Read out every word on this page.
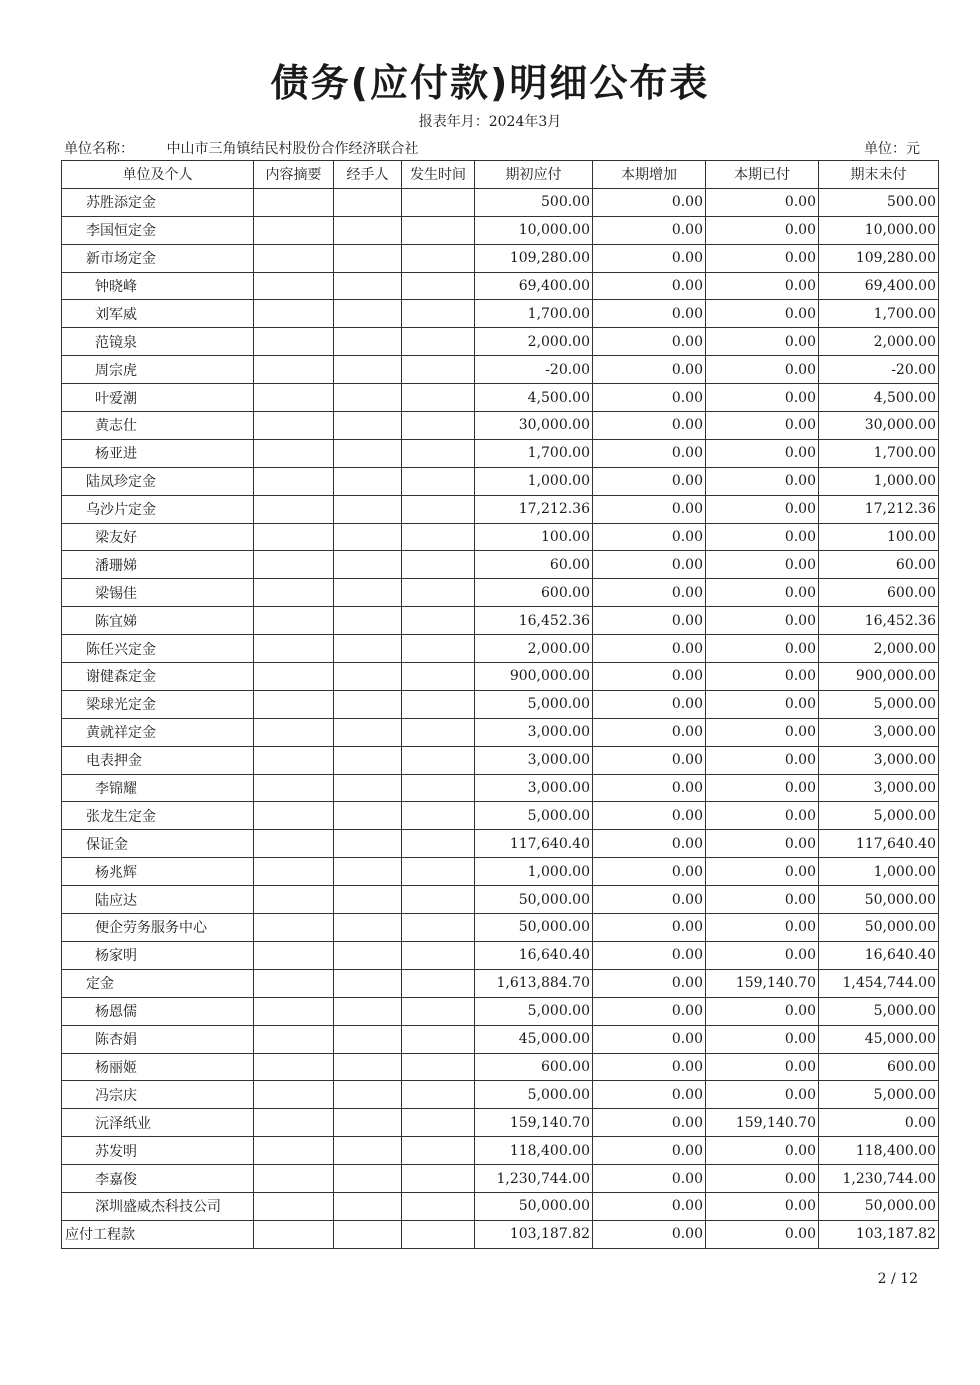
债务(应付款)明细公布表
报表年月：2024年3月
单位名称： 中山市三角镇结民村股份合作经济联合社	单位：元
单位及个人	内容摘要	经手人	发生时间	期初应付	本期增加	本期已付	期末未付
苏胜添定金				500.00	0.00	0.00	500.00
李国恒定金				10,000.00	0.00	0.00	10,000.00
新市场定金				109,280.00	0.00	0.00	109,280.00
钟晓峰				69,400.00	0.00	0.00	69,400.00
刘军威				1,700.00	0.00	0.00	1,700.00
范镜泉				2,000.00	0.00	0.00	2,000.00
周宗虎				-20.00	0.00	0.00	-20.00
叶爱潮				4,500.00	0.00	0.00	4,500.00
黄志仕				30,000.00	0.00	0.00	30,000.00
杨亚进				1,700.00	0.00	0.00	1,700.00
陆凤珍定金				1,000.00	0.00	0.00	1,000.00
乌沙片定金				17,212.36	0.00	0.00	17,212.36
梁友好				100.00	0.00	0.00	100.00
潘珊娣				60.00	0.00	0.00	60.00
梁锡佳				600.00	0.00	0.00	600.00
陈宜娣				16,452.36	0.00	0.00	16,452.36
陈任兴定金				2,000.00	0.00	0.00	2,000.00
谢健森定金				900,000.00	0.00	0.00	900,000.00
梁球光定金				5,000.00	0.00	0.00	5,000.00
黄就祥定金				3,000.00	0.00	0.00	3,000.00
电表押金				3,000.00	0.00	0.00	3,000.00
李锦耀				3,000.00	0.00	0.00	3,000.00
张龙生定金				5,000.00	0.00	0.00	5,000.00
保证金				117,640.40	0.00	0.00	117,640.40
杨兆辉				1,000.00	0.00	0.00	1,000.00
陆应达				50,000.00	0.00	0.00	50,000.00
便企劳务服务中心				50,000.00	0.00	0.00	50,000.00
杨家明				16,640.40	0.00	0.00	16,640.40
定金				1,613,884.70	0.00	159,140.70	1,454,744.00
杨恩儒				5,000.00	0.00	0.00	5,000.00
陈杏娟				45,000.00	0.00	0.00	45,000.00
杨丽姬				600.00	0.00	0.00	600.00
冯宗庆				5,000.00	0.00	0.00	5,000.00
沅泽纸业				159,140.70	0.00	159,140.70	0.00
苏发明				118,400.00	0.00	0.00	118,400.00
李嘉俊				1,230,744.00	0.00	0.00	1,230,744.00
深圳盛威杰科技公司				50,000.00	0.00	0.00	50,000.00
应付工程款				103,187.82	0.00	0.00	103,187.82
2 / 12
